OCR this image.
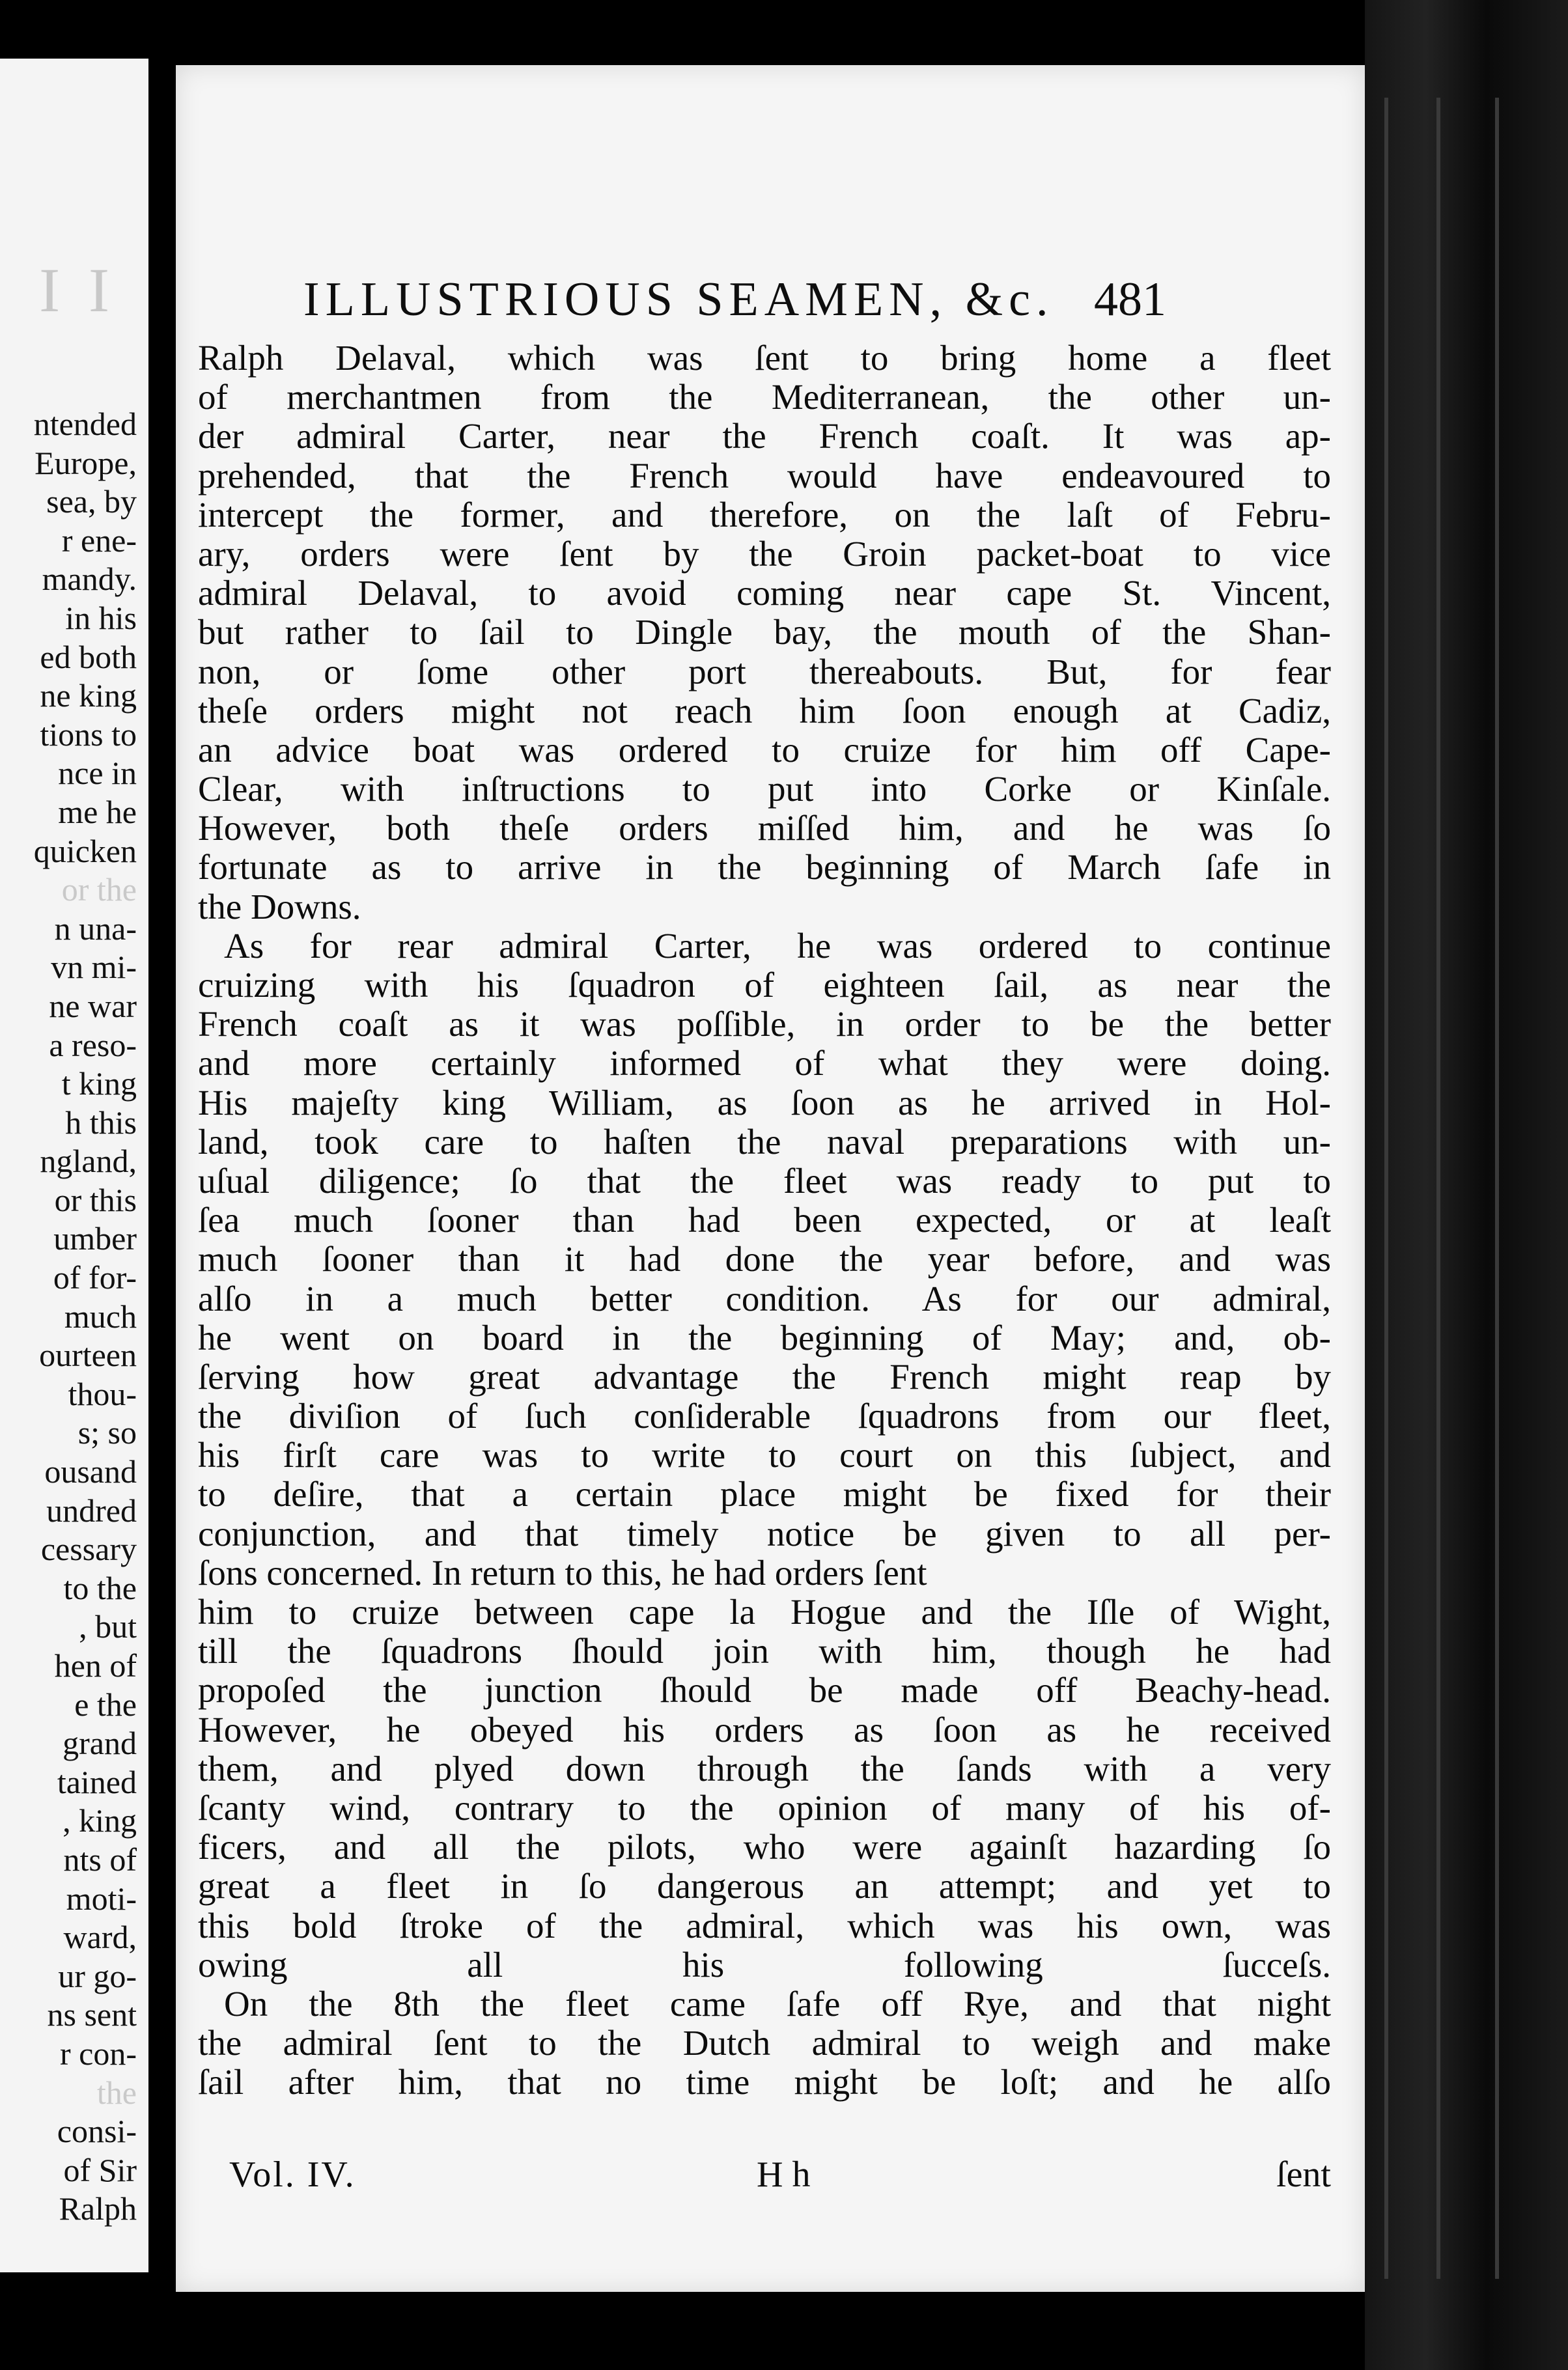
I I
ntended
Europe,
sea, by
r ene-
mandy.
in his
ed both
ne king
tions to
nce in
me he
quicken
or the
n una-
vn mi-
ne war
a reso-
t king
h this
ngland,
or this
umber
of for-
much
ourteen
thou-
s; so
ousand
undred
cessary
to the
, but
hen of
e the
grand
tained
, king
nts of
moti-
ward,
ur go-
ns sent
r con-
the
consi-
of Sir
Ralph
ILLUSTRIOUS SEAMEN, &c. 481
Ralph Delaval, which was ſent to bring home a fleet
of merchantmen from the Mediterranean, the other un-
der admiral Carter, near the French coaſt. It was ap-
prehended, that the French would have endeavoured to
intercept the former, and therefore, on the laſt of Febru-
ary, orders were ſent by the Groin packet-boat to vice
admiral Delaval, to avoid coming near cape St. Vincent,
but rather to ſail to Dingle bay, the mouth of the Shan-
non, or ſome other port thereabouts. But, for fear
theſe orders might not reach him ſoon enough at Cadiz,
an advice boat was ordered to cruize for him off Cape-
Clear, with inſtructions to put into Corke or Kinſale.
However, both theſe orders miſſed him, and he was ſo
fortunate as to arrive in the beginning of March ſafe in
the Downs.
As for rear admiral Carter, he was ordered to continue
cruizing with his ſquadron of eighteen ſail, as near the
French coaſt as it was poſſible, in order to be the better
and more certainly informed of what they were doing.
His majeſty king William, as ſoon as he arrived in Hol-
land, took care to haſten the naval preparations with un-
uſual diligence; ſo that the fleet was ready to put to
ſea much ſooner than had been expected, or at leaſt
much ſooner than it had done the year before, and was
alſo in a much better condition. As for our admiral,
he went on board in the beginning of May; and, ob-
ſerving how great advantage the French might reap by
the diviſion of ſuch conſiderable ſquadrons from our fleet,
his firſt care was to write to court on this ſubject, and
to deſire, that a certain place might be fixed for their
conjunction, and that timely notice be given to all per-
ſons concerned. In return to this, he had orders ſent
him to cruize between cape la Hogue and the Iſle of Wight,
till the ſquadrons ſhould join with him, though he had
propoſed the junction ſhould be made off Beachy-head.
However, he obeyed his orders as ſoon as he received
them, and plyed down through the ſands with a very
ſcanty wind, contrary to the opinion of many of his of-
ficers, and all the pilots, who were againſt hazarding ſo
great a fleet in ſo dangerous an attempt; and yet to
this bold ſtroke of the admiral, which was his own, was
owing all his following ſucceſs.
On the 8th the fleet came ſafe off Rye, and that night
the admiral ſent to the Dutch admiral to weigh and make
ſail after him, that no time might be loſt; and he alſo
Vol. IV.	H h	ſent
